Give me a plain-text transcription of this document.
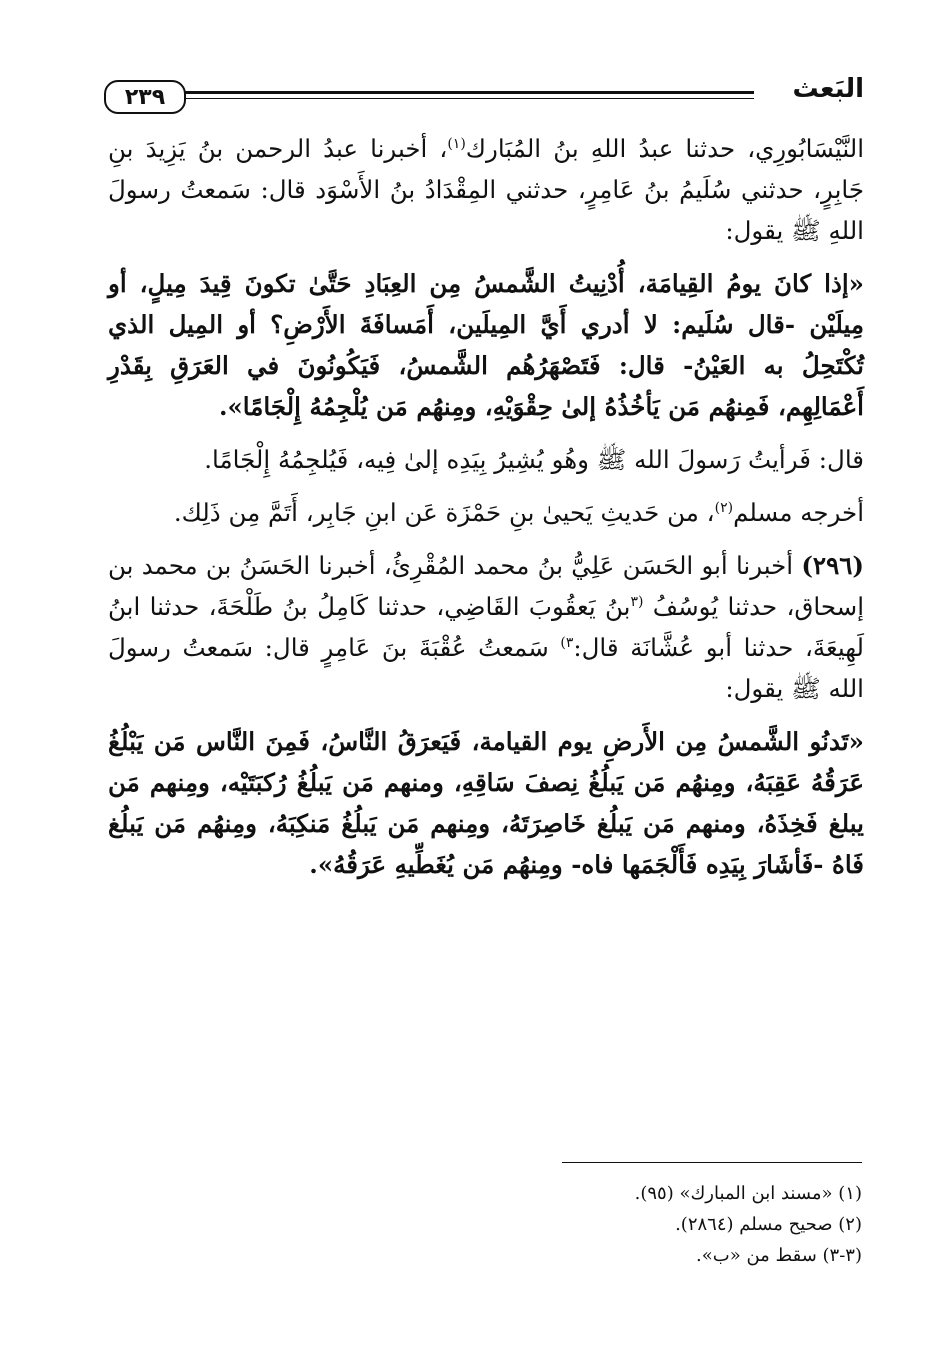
٢٣٩	البَعث

النَّيْسَابُورِي، حدثنا عبدُ اللهِ بنُ المُبَارك$^{(١)}$، أخبرنا عبدُ الرحمن بنُ يَزِيدَ بنِ جَابِرٍ، حدثني سُلَيمُ بنُ عَامِرٍ، حدثني المِقْدَادُ بنُ الأَسْوَد قال: سَمعتُ رسولَ اللهِ ﷺ يقول:

«إذا كانَ يومُ القِيامَة، أُدْنِيتُ الشَّمسُ مِن العِبَادِ حَتَّىٰ تكونَ قِيدَ مِيلٍ، أو مِيلَيْن -قال سُلَيم: لا أدري أَيَّ المِيلَين، أَمَسافَةَ الأَرْضِ؟ أو المِيل الذي تُكْتَحِلُ به العَيْنُ- قال: فَتَصْهَرُهُم الشَّمسُ، فَيَكُونُونَ في العَرَقِ بِقَدْرِ أَعْمَالِهِم، فَمِنهُم مَن يَأخُذُهُ إلىٰ حِقْوَيْهِ، ومِنهُم مَن يُلْجِمُهُ إِلْجَامًا».

قال: فَرأيتُ رَسولَ الله ﷺ وهُو يُشِيرُ بِيَدِه إلىٰ فِيه، فَيُلجِمُهُ إِلْجَامًا.

أخرجه مسلم$^{(٢)}$، من حَديثِ يَحيىٰ بنِ حَمْزَة عَن ابنِ جَابِر، أَتَمَّ مِن ذَلِك.

(٢٩٦) أخبرنا أبو الحَسَن عَلِيُّ بنُ محمد المُقْرِئُ، أخبرنا الحَسَنُ بن محمد بن إسحاق، حدثنا يُوسُفُ $^{(٣}$بنُ يَعقُوبَ القَاضِي، حدثنا كَامِلُ بنُ طَلْحَةَ، حدثنا ابنُ لَهِيعَةَ، حدثنا أبو عُشَّانَة قال:$^{٣)}$ سَمعتُ عُقْبَةَ بنَ عَامِرٍ قال: سَمعتُ رسولَ الله ﷺ يقول:

«تَدنُو الشَّمسُ مِن الأَرضِ يوم القيامة، فَيَعرَقُ النَّاسُ، فَمِنَ النَّاس مَن يَبْلُغُ عَرَقُهُ عَقِبَهُ، ومِنهُم مَن يَبلُغُ نِصفَ سَاقِهِ، ومنهم مَن يَبلُغُ رُكبَتَيْه، ومِنهم مَن يبلغ فَخِذَهُ، ومنهم مَن يَبلُغ خَاصِرَتَهُ، ومِنهم مَن يَبلُغُ مَنكِبَهُ، ومِنهُم مَن يَبلُغ فَاهُ -فَأشَارَ بِيَدِه فَأَلْجَمَها فاه- ومِنهُم مَن يُغَطِّيهِ عَرَقُهُ».

(١) «مسند ابن المبارك» (٩٥).

(٢) صحيح مسلم (٢٨٦٤).

(٣-٣) سقط من «ب».
